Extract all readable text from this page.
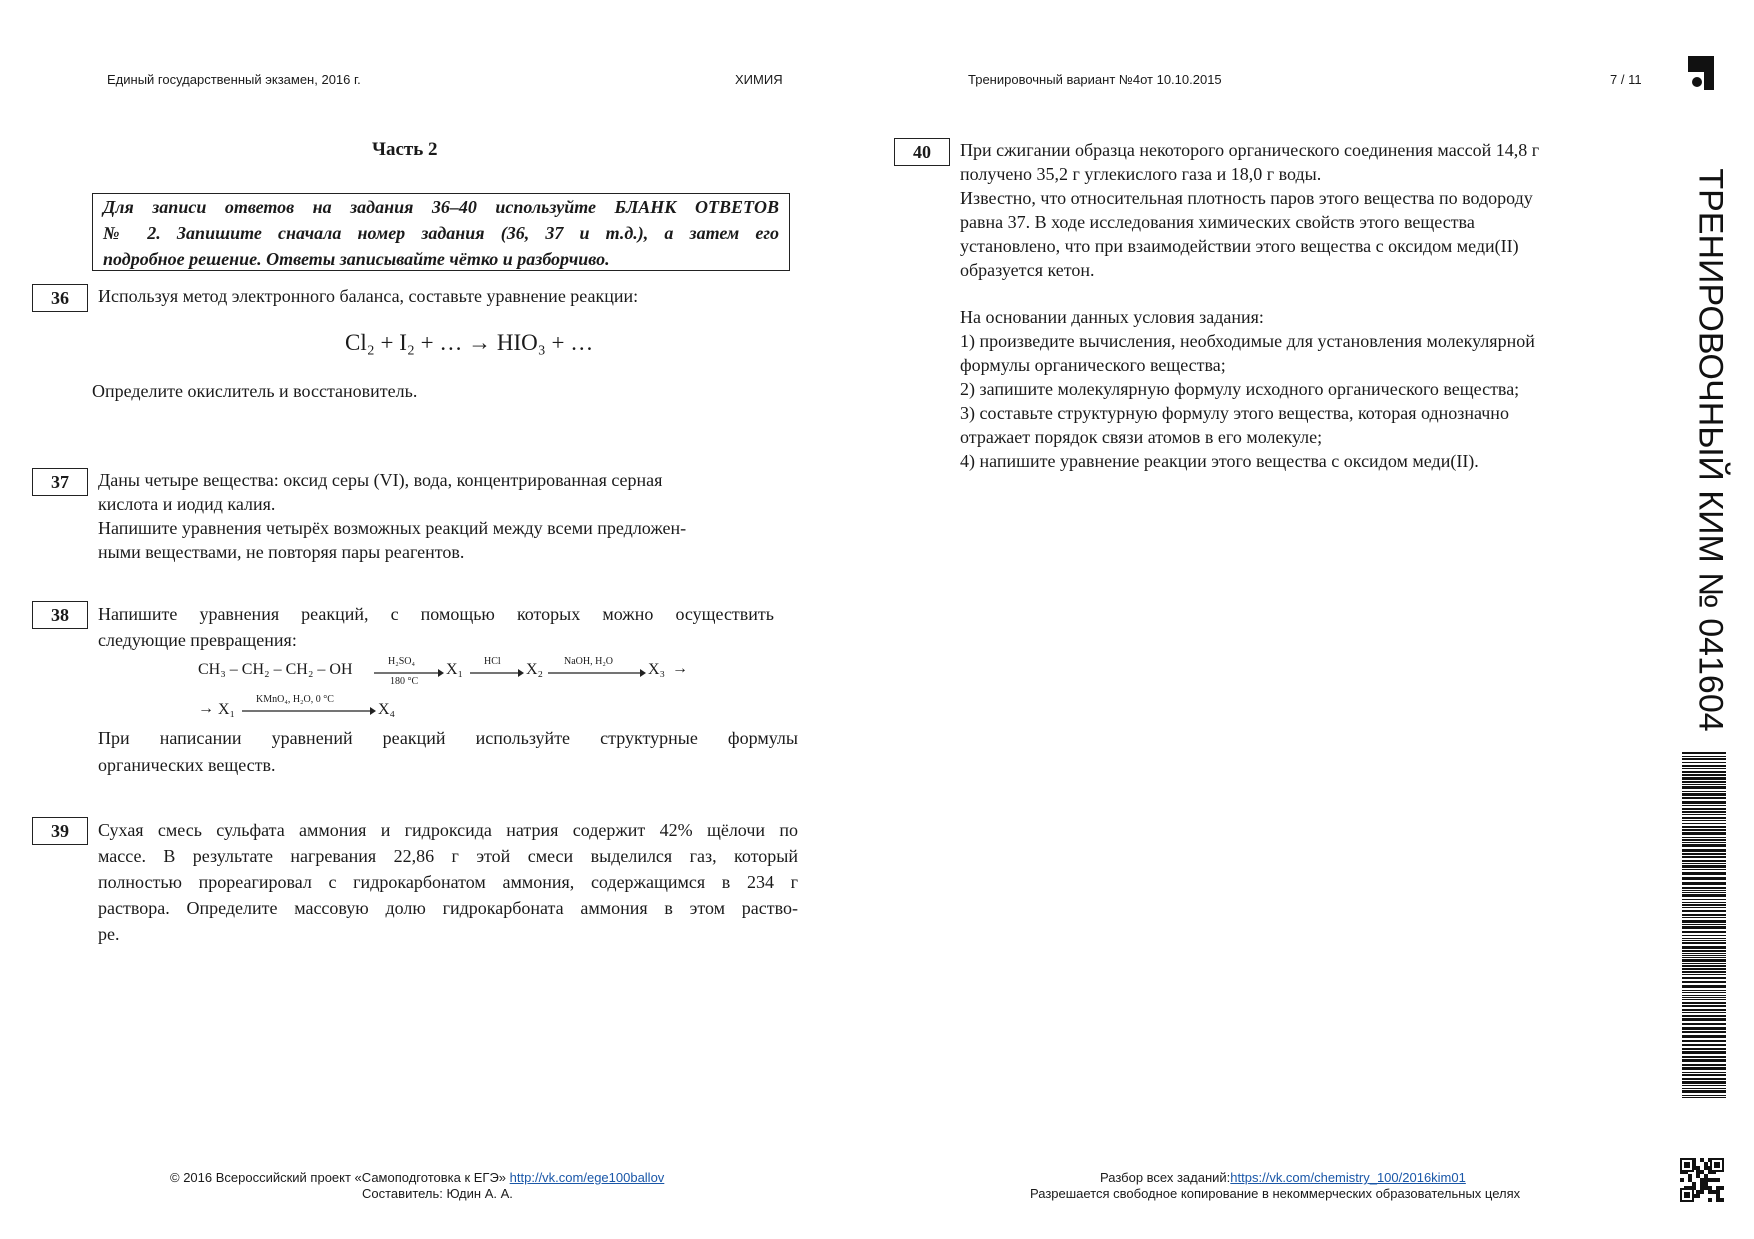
Единый государственный экзамен, 2016 г.	ХИМИЯ	Тренировочный вариант №4от 10.10.2015	7 / 11
Часть 2
Для записи ответов на задания 36–40 используйте БЛАНК ОТВЕТОВ
№ 2. Запишите сначала номер задания (36, 37 и т.д.), а затем его
подробное решение. Ответы записывайте чётко и разборчиво.
36	Используя метод электронного баланса, составьте уравнение реакции:
Cl₂ + I₂ + … → HIO₃ + …
Определите окислитель и восстановитель.
37	Даны четыре вещества: оксид серы (VI), вода, концентрированная серная
кислота и иодид калия.
Напишите уравнения четырёх возможных реакций между всеми предложен-
ными веществами, не повторяя пары реагентов.
38	Напишите уравнения реакций, с помощью которых можно осуществить
следующие превращения:
CH₃ – CH₂ – CH₂ – OH	H₂SO₄
180 °C
X₁ HCl X₂ NaOH, H₂O X₃ →
→ X₁
KMnO₄, H₂O, 0 °C
X₄
При написании уравнений реакций используйте структурные формулы
органических веществ.
39	Сухая смесь сульфата аммония и гидроксида натрия содержит 42% щёлочи по
массе. В результате нагревания 22,86 г этой смеси выделился газ, который
полностью прореагировал с гидрокарбонатом аммония, содержащимся в 234 г
раствора. Определите массовую долю гидрокарбоната аммония в этом раство-
ре.
40	При сжигании образца некоторого органического соединения массой 14,8 г
получено 35,2 г углекислого газа и 18,0 г воды.
Известно, что относительная плотность паров этого вещества по водороду
равна 37. В ходе исследования химических свойств этого вещества
установлено, что при взаимодействии этого вещества с оксидом меди(II)
образуется кетон.
На основании данных условия задания:
1) произведите вычисления, необходимые для установления молекулярной
формулы органического вещества;
2) запишите молекулярную формулу исходного органического вещества;
3) составьте структурную формулу этого вещества, которая однозначно
отражает порядок связи атомов в его молекуле;
4) напишите уравнение реакции этого вещества с оксидом меди(II).	ТРЕНИРОВОЧНЫЙ КИМ № 041604
© 2016 Всероссийский проект «Самоподготовка к ЕГЭ» http://vk.com/ege100ballov
Составитель: Юдин А. А.
Разбор всех заданий:https://vk.com/chemistry_100/2016kim01
Разрешается свободное копирование в некоммерческих образовательных целях
